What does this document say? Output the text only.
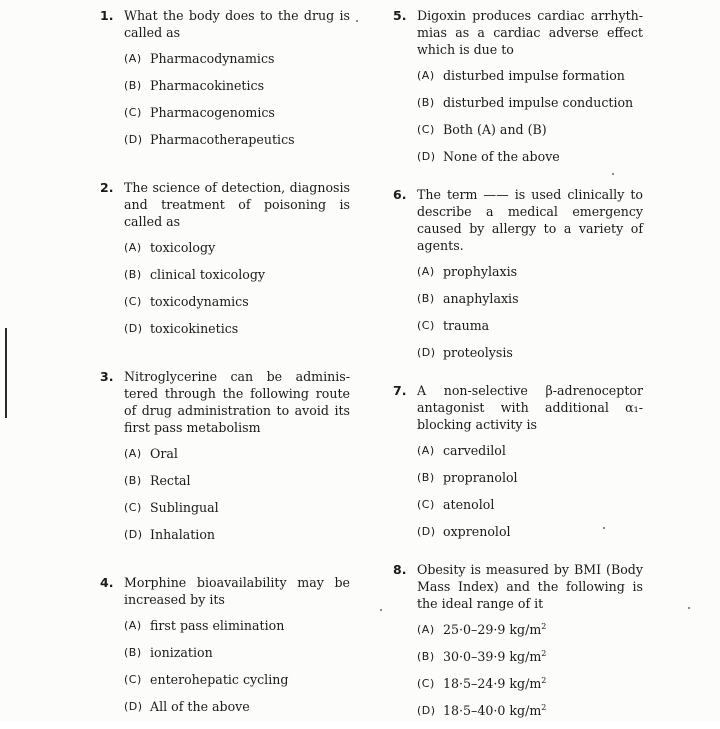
1. What the body does to the drug is called as
(A) Pharmacodynamics
(B) Pharmacokinetics
(C) Pharmacogenomics
(D) Pharmacotherapeutics
2. The science of detection, diagnosis and treatment of poisoning is called as
(A) toxicology
(B) clinical toxicology
(C) toxicodynamics
(D) toxicokinetics
3. Nitroglycerine can be adminis-tered through the following route of drug administration to avoid its first pass metabolism
(A) Oral
(B) Rectal
(C) Sublingual
(D) Inhalation
4. Morphine bioavailability may be increased by its
(A) first pass elimination
(B) ionization
(C) enterohepatic cycling
(D) All of the above
5. Digoxin produces cardiac arrhyth-mias as a cardiac adverse effect which is due to
(A) disturbed impulse formation
(B) disturbed impulse conduction
(C) Both (A) and (B)
(D) None of the above
6. The term —— is used clinically to describe a medical emergency caused by allergy to a variety of agents.
(A) prophylaxis
(B) anaphylaxis
(C) trauma
(D) proteolysis
7. A non-selective β-adrenoceptor antagonist with additional α₁-blocking activity is
(A) carvedilol
(B) propranolol
(C) atenolol
(D) oxprenolol
8. Obesity is measured by BMI (Body Mass Index) and the following is the ideal range of it
(A) 25·0–29·9 $kg/m^2$
(B) 30·0–39·9 $kg/m^2$
(C) 18·5–24·9 $kg/m^2$
(D) 18·5–40·0 $kg/m^2$
